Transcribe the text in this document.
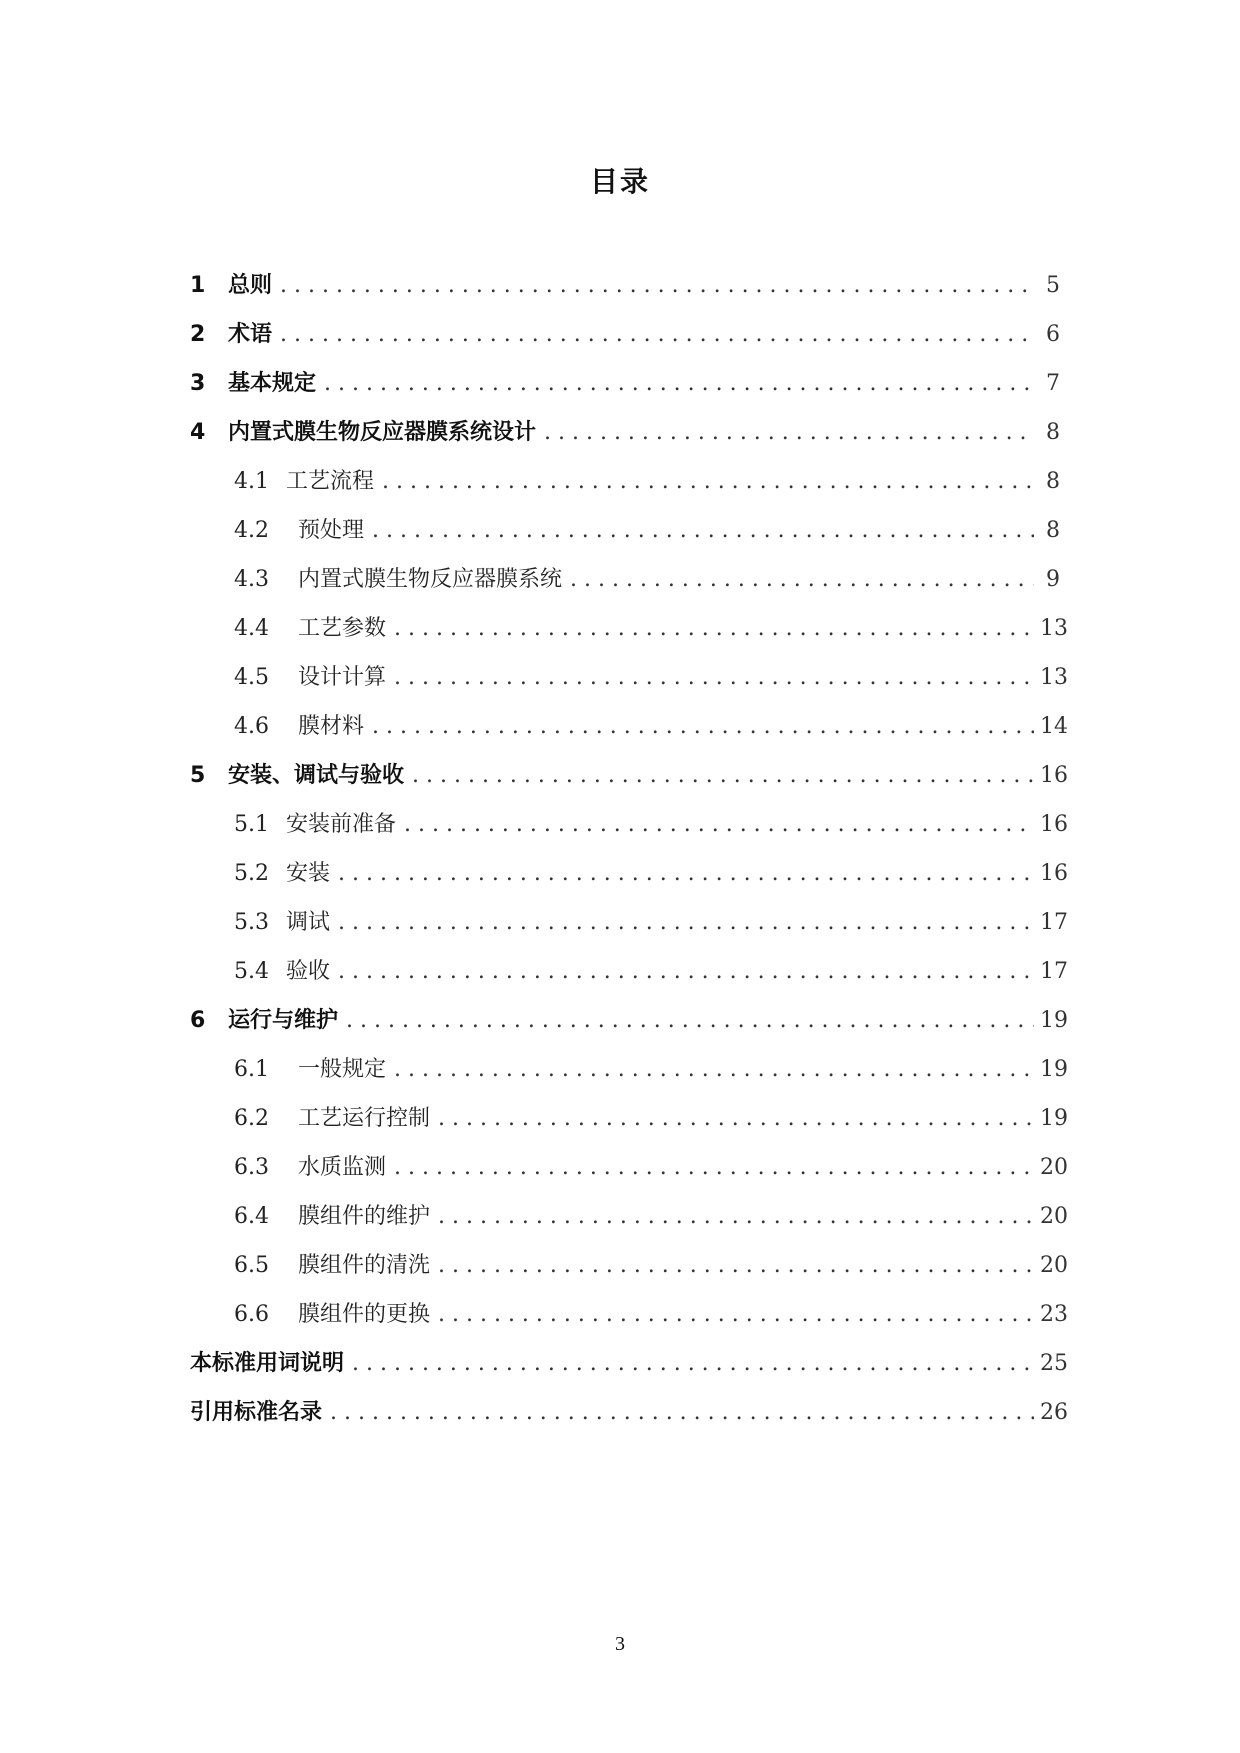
目录
1	总则 . . .	5
2	术语 . . .	6
3	基本规定 . . .	7
4	内置式膜生物反应器膜系统设计 . . .	8
4.1 工艺流程 . . .	8
4.2	预处理 . . .	8
4.3	内置式膜生物反应器膜系统 . . .	9
4.4	工艺参数 . . .	13
4.5	设计计算 . . .	13
4.6	膜材料 . . .	14
5	安装、调试与验收 . . .	16
5.1 安装前准备 . . .	16
5.2 安装 . . .	16
5.3 调试 . . .	17
5.4 验收 . . .	17
6	运行与维护 . . .	19
6.1	一般规定 . . .	19
6.2	工艺运行控制 . . .	19
6.3	水质监测 . . .	20
6.4	膜组件的维护 . . .	20
6.5	膜组件的清洗 . . .	20
6.6	膜组件的更换 . . .	23
本标准用词说明 . . .	25
引用标准名录 . . .	26
3
